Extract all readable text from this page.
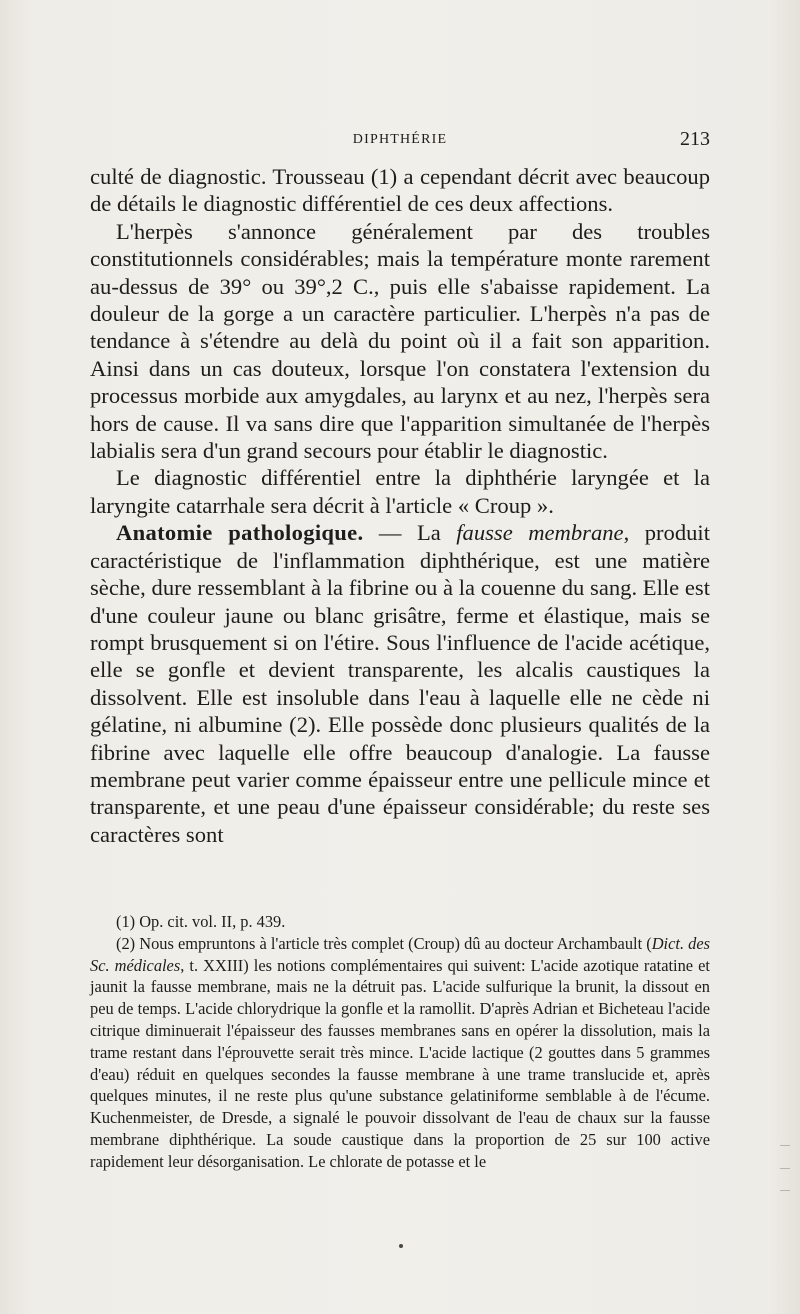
DIPHTHÉRIE	213

culté de diagnostic. Trousseau (1) a cependant décrit avec beaucoup de détails le diagnostic différentiel de ces deux affections.

L'herpès s'annonce généralement par des troubles constitutionnels considérables; mais la température monte rarement au-dessus de 39° ou 39°,2 C., puis elle s'abaisse rapidement. La douleur de la gorge a un caractère particulier. L'herpès n'a pas de tendance à s'étendre au delà du point où il a fait son apparition. Ainsi dans un cas douteux, lorsque l'on constatera l'extension du processus morbide aux amygdales, au larynx et au nez, l'herpès sera hors de cause. Il va sans dire que l'apparition simultanée de l'herpès labialis sera d'un grand secours pour établir le diagnostic.

Le diagnostic différentiel entre la diphthérie laryngée et la laryngite catarrhale sera décrit à l'article « Croup ».

Anatomie pathologique. — La fausse membrane, produit caractéristique de l'inflammation diphthérique, est une matière sèche, dure ressemblant à la fibrine ou à la couenne du sang. Elle est d'une couleur jaune ou blanc grisâtre, ferme et élastique, mais se rompt brusquement si on l'étire. Sous l'influence de l'acide acétique, elle se gonfle et devient transparente, les alcalis caustiques la dissolvent. Elle est insoluble dans l'eau à laquelle elle ne cède ni gélatine, ni albumine (2). Elle possède donc plusieurs qualités de la fibrine avec laquelle elle offre beaucoup d'analogie. La fausse membrane peut varier comme épaisseur entre une pellicule mince et transparente, et une peau d'une épaisseur considérable; du reste ses caractères sont

(1) Op. cit. vol. II, p. 439.

(2) Nous empruntons à l'article très complet (Croup) dû au docteur Archambault (Dict. des Sc. médicales, t. XXIII) les notions complémentaires qui suivent: L'acide azotique ratatine et jaunit la fausse membrane, mais ne la détruit pas. L'acide sulfurique la brunit, la dissout en peu de temps. L'acide chlorydrique la gonfle et la ramollit. D'après Adrian et Bicheteau l'acide citrique diminuerait l'épaisseur des fausses membranes sans en opérer la dissolution, mais la trame restant dans l'éprouvette serait très mince. L'acide lactique (2 gouttes dans 5 grammes d'eau) réduit en quelques secondes la fausse membrane à une trame translucide et, après quelques minutes, il ne reste plus qu'une substance gelatiniforme semblable à de l'écume. Kuchenmeister, de Dresde, a signalé le pouvoir dissolvant de l'eau de chaux sur la fausse membrane diphthérique. La soude caustique dans la proportion de 25 sur 100 active rapidement leur désorganisation. Le chlorate de potasse et le
